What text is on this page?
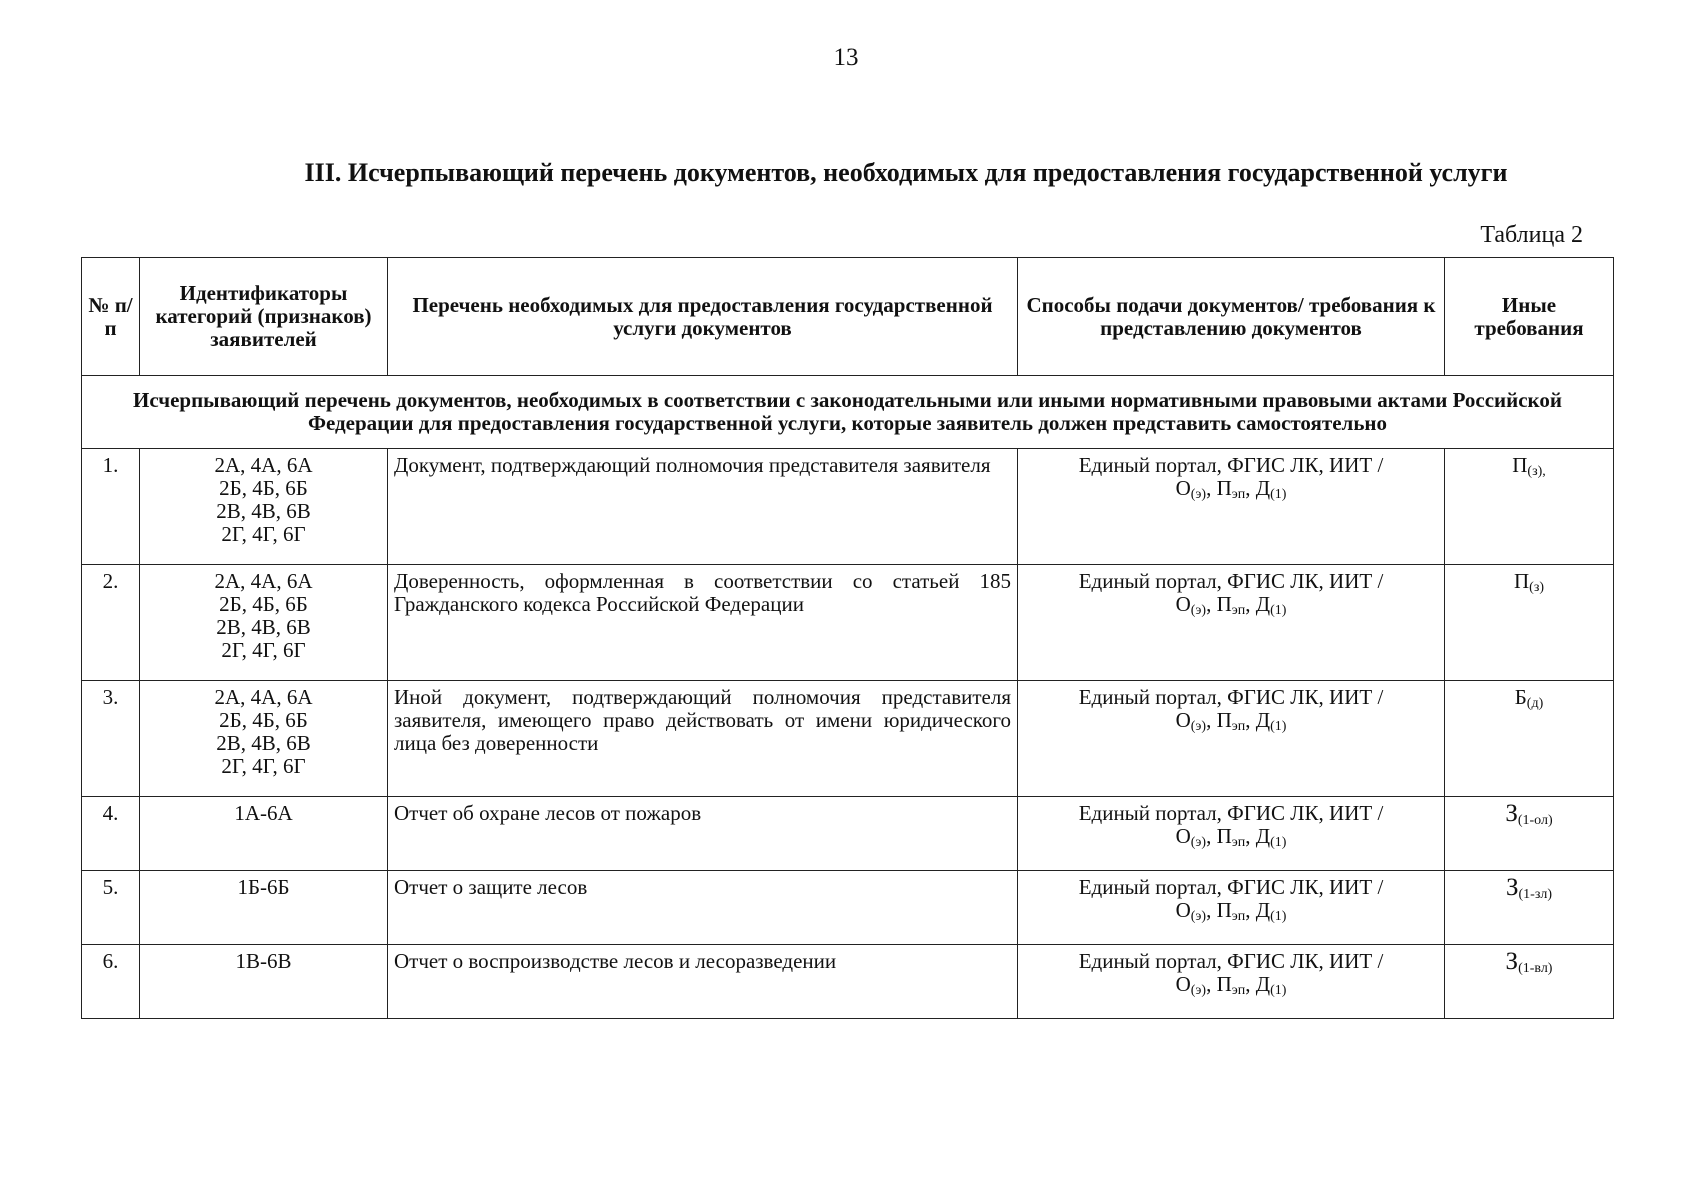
13
III. Исчерпывающий перечень документов, необходимых для предоставления государственной услуги
Таблица 2
№ п/п	Идентификаторы категорий (признаков) заявителей	Перечень необходимых для предоставления государственной услуги документов	Способы подачи документов/ требования к представлению документов	Иные требования
Исчерпывающий перечень документов, необходимых в соответствии с законодательными или иными нормативными правовыми актами Российской Федерации для предоставления государственной услуги, которые заявитель должен представить самостоятельно				
1.	2А, 4А, 6А
2Б, 4Б, 6Б
2В, 4В, 6В
2Г, 4Г, 6Г	Документ, подтверждающий полномочия представителя заявителя	Единый портал, ФГИС ЛК, ИИТ /
$О_{(э)}$, $П_{эп}$, $Д_{(1)}$	$П_{(з),}$
2.	2А, 4А, 6А
2Б, 4Б, 6Б
2В, 4В, 6В
2Г, 4Г, 6Г	Доверенность, оформленная в соответствии со статьей 185 Гражданского кодекса Российской Федерации	Единый портал, ФГИС ЛК, ИИТ /
$О_{(э)}$, $П_{эп}$, $Д_{(1)}$	$П_{(з)}$
3.	2А, 4А, 6А
2Б, 4Б, 6Б
2В, 4В, 6В
2Г, 4Г, 6Г	Иной документ, подтверждающий полномочия представителя заявителя, имеющего право действовать от имени юридического лица без доверенности	Единый портал, ФГИС ЛК, ИИТ /
$О_{(э)}$, $П_{эп}$, $Д_{(1)}$	$Б_{(д)}$
4.	1А-6А	Отчет об охране лесов от пожаров	Единый портал, ФГИС ЛК, ИИТ /
$О_{(э)}$, $П_{эп}$, $Д_{(1)}$	$З_{(1-ол)}$
5.	1Б-6Б	Отчет о защите лесов	Единый портал, ФГИС ЛК, ИИТ /
$О_{(э)}$, $П_{эп}$, $Д_{(1)}$	$З_{(1-зл)}$
6.	1В-6В	Отчет о воспроизводстве лесов и лесоразведении	Единый портал, ФГИС ЛК, ИИТ /
$О_{(э)}$, $П_{эп}$, $Д_{(1)}$	$З_{(1-вл)}$
